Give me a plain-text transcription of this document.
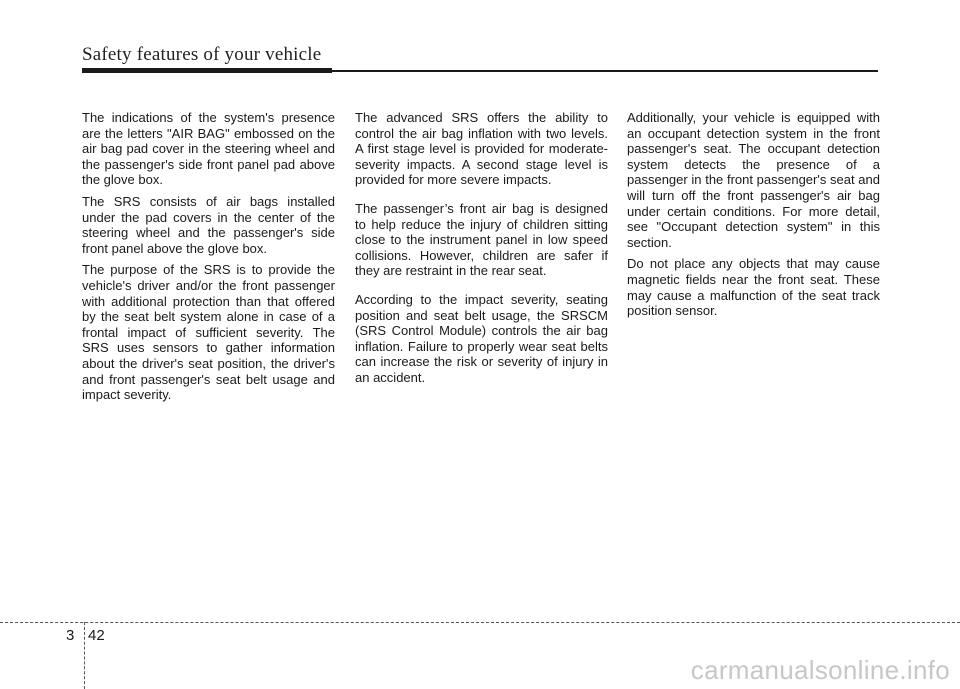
Safety features of your vehicle

The indications of the system's presence are the letters "AIR BAG" embossed on the air bag pad cover in the steering wheel and the passenger's side front panel pad above the glove box.

The SRS consists of air bags installed under the pad covers in the center of the steering wheel and the passenger's side front panel above the glove box.

The purpose of the SRS is to provide the vehicle's driver and/or the front passenger with additional protection than that offered by the seat belt system alone in case of a frontal impact of sufficient severity. The SRS uses sensors to gather information about the driver's seat position, the driver's and front passenger's seat belt usage and impact severity.

The advanced SRS offers the ability to control the air bag inflation with two levels. A first stage level is provided for moderate-severity impacts. A second stage level is provided for more severe impacts.

The passenger’s front air bag is designed to help reduce the injury of children sitting close to the instrument panel in low speed collisions. However, children are safer if they are restraint in the rear seat.

According to the impact severity, seating position and seat belt usage, the SRSCM (SRS Control Module) controls the air bag inflation. Failure to properly wear seat belts can increase the risk or severity of injury in an accident.

Additionally, your vehicle is equipped with an occupant detection system in the front passenger's seat. The occupant detection system detects the presence of a passenger in the front passenger's seat and will turn off the front passenger's air bag under certain conditions. For more detail, see "Occupant detection system" in this section.

Do not place any objects that may cause magnetic fields near the front seat. These may cause a malfunction of the seat track position sensor.

3 42
carmanualsonline.info
